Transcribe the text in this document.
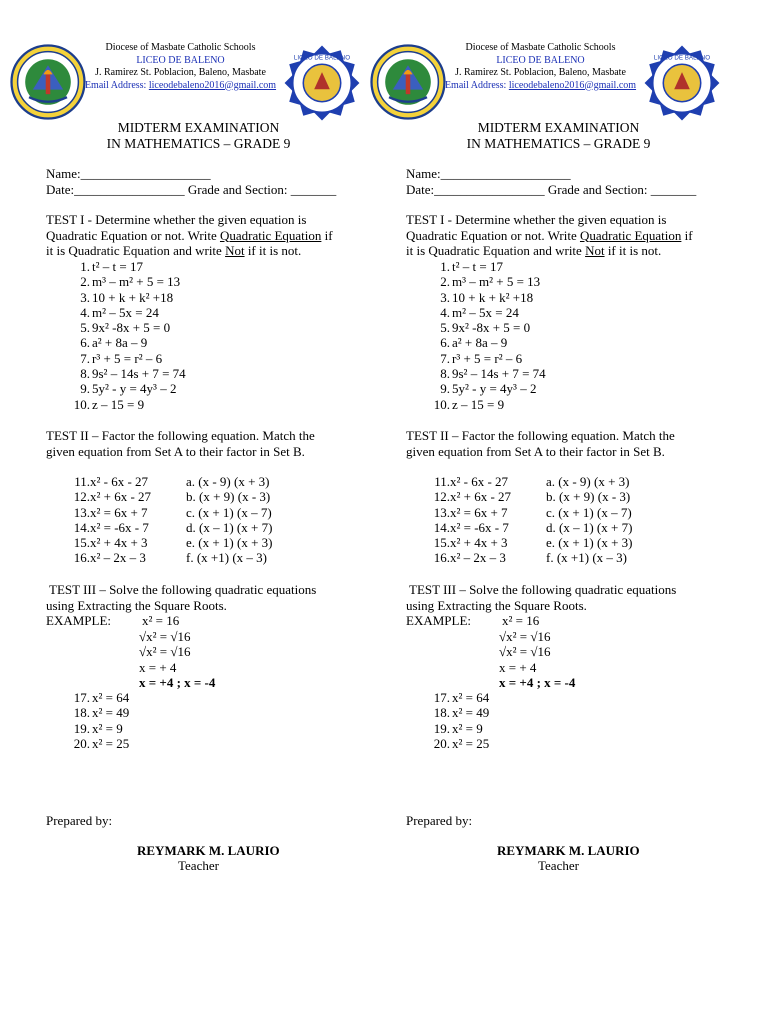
Diocese of Masbate Catholic Schools
LICEO DE BALENO
J. Ramirez St. Poblacion, Baleno, Masbate
Email Address: liceodebaleno2016@gmail.com
LICEO DE BALENO
MIDTERM EXAMINATION
IN MATHEMATICS – GRADE 9
Name:____________________
Date:_________________ Grade and Section: _______
TEST I - Determine whether the given equation is
Quadratic Equation or not. Write Quadratic Equation if
it is Quadratic Equation and write Not if it is not.
1. t² – t = 17
2. m³ – m² + 5 = 13
3. 10 + k + k² +18
4. m² – 5x = 24
5. 9x² -8x + 5 = 0
6. a² + 8a – 9
7. r³ + 5 = r² – 6
8. 9s² – 14s + 7 = 74
9. 5y² - y = 4y³ – 2
10. z – 15 = 9
TEST II – Factor the following equation. Match the
given equation from Set A to their factor in Set B.
11. x² - 6x - 27	a. (x - 9) (x + 3)
12. x² + 6x - 27	b. (x + 9) (x - 3)
13. x² = 6x + 7	c. (x + 1) (x – 7)
14. x² = -6x - 7	d. (x – 1) (x + 7)
15. x² + 4x + 3	e. (x + 1) (x + 3)
16. x² – 2x – 3	f. (x +1) (x – 3)
TEST III – Solve the following quadratic equations
using Extracting the Square Roots.
EXAMPLE: x² = 16
√x² = √16
√x² = √16
x = + 4
x = +4 ; x = -4
17. x² = 64
18. x² = 49
19. x² = 9
20. x² = 25
Prepared by:
REYMARK M. LAURIO
Teacher
Diocese of Masbate Catholic Schools
LICEO DE BALENO
J. Ramirez St. Poblacion, Baleno, Masbate
Email Address: liceodebaleno2016@gmail.com
LICEO DE BALENO
MIDTERM EXAMINATION
IN MATHEMATICS – GRADE 9
Name:____________________
Date:_________________ Grade and Section: _______
TEST I - Determine whether the given equation is
Quadratic Equation or not. Write Quadratic Equation if
it is Quadratic Equation and write Not if it is not.
1. t² – t = 17
2. m³ – m² + 5 = 13
3. 10 + k + k² +18
4. m² – 5x = 24
5. 9x² -8x + 5 = 0
6. a² + 8a – 9
7. r³ + 5 = r² – 6
8. 9s² – 14s + 7 = 74
9. 5y² - y = 4y³ – 2
10. z – 15 = 9
TEST II – Factor the following equation. Match the
given equation from Set A to their factor in Set B.
11. x² - 6x - 27	a. (x - 9) (x + 3)
12. x² + 6x - 27	b. (x + 9) (x - 3)
13. x² = 6x + 7	c. (x + 1) (x – 7)
14. x² = -6x - 7	d. (x – 1) (x + 7)
15. x² + 4x + 3	e. (x + 1) (x + 3)
16. x² – 2x – 3	f. (x +1) (x – 3)
TEST III – Solve the following quadratic equations
using Extracting the Square Roots.
EXAMPLE: x² = 16
√x² = √16
√x² = √16
x = + 4
x = +4 ; x = -4
17. x² = 64
18. x² = 49
19. x² = 9
20. x² = 25
Prepared by:
REYMARK M. LAURIO
Teacher
